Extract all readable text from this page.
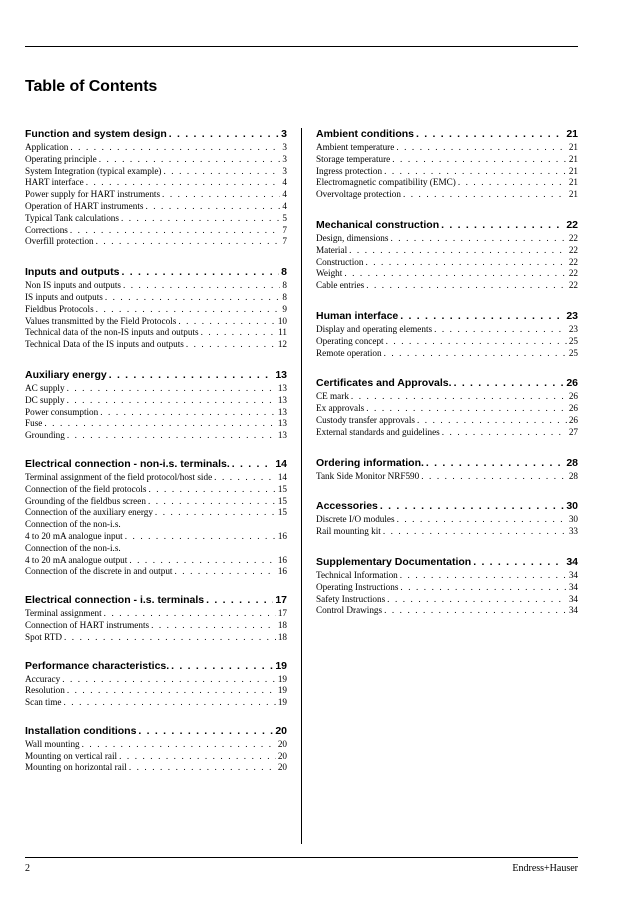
Table of Contents
Function and system design . . .	3
Application . . .	3
Operating principle . . .	3
System Integration (typical example) . . .	3
HART interface . . .	4
Power supply for HART instruments . . .	4
Operation of HART instruments . . .	4
Typical Tank calculations . . .	5
Corrections . . .	7
Overfill protection . . .	7
Inputs and outputs . . .	8
Non IS inputs and outputs . . .	8
IS inputs and outputs . . .	8
Fieldbus Protocols . . .	9
Values transmitted by the Field Protocols . . .	10
Technical data of the non-IS inputs and outputs . . .	11
Technical Data of the IS inputs and outputs . . .	12
Auxiliary energy . . .	13
AC supply . . .	13
DC supply . . .	13
Power consumption . . .	13
Fuse . . .	13
Grounding . . .	13
Electrical connection - non-i.s. terminals. . . .	14
Terminal assignment of the field protocol/host side . . .	14
Connection of the field protocols . . .	15
Grounding of the fieldbus screen . . .	15
Connection of the auxiliary energy . . .	15
Connection of the non-i.s.
4 to 20 mA analogue input . . .	16
Connection of the non-i.s.
4 to 20 mA analogue output . . .	16
Connection of the discrete in and output . . .	16
Electrical connection - i.s. terminals . . .	17
Terminal assignment . . .	17
Connection of HART instruments . . .	18
Spot RTD . . .	18
Performance characteristics. . . .	19
Accuracy . . .	19
Resolution . . .	19
Scan time . . .	19
Installation conditions . . .	20
Wall mounting . . .	20
Mounting on vertical rail . . .	20
Mounting on horizontal rail . . .	20
Ambient conditions . . .	21
Ambient temperature . . .	21
Storage temperature . . .	21
Ingress protection . . .	21
Electromagnetic compatibility (EMC) . . .	21
Overvoltage protection . . .	21
Mechanical construction . . .	22
Design, dimensions . . .	22
Material . . .	22
Construction . . .	22
Weight . . .	22
Cable entries . . .	22
Human interface . . .	23
Display and operating elements . . .	23
Operating concept . . .	25
Remote operation . . .	25
Certificates and Approvals. . . .	26
CE mark . . .	26
Ex approvals . . .	26
Custody transfer approvals . . .	26
External standards and guidelines . . .	27
Ordering information. . . .	28
Tank Side Monitor NRF590 . . .	28
Accessories . . .	30
Discrete I/O modules . . .	30
Rail mounting kit . . .	33
Supplementary Documentation . . .	34
Technical Information . . .	34
Operating Instructions . . .	34
Safety Instructions . . .	34
Control Drawings . . .	34
2	Endress+Hauser
